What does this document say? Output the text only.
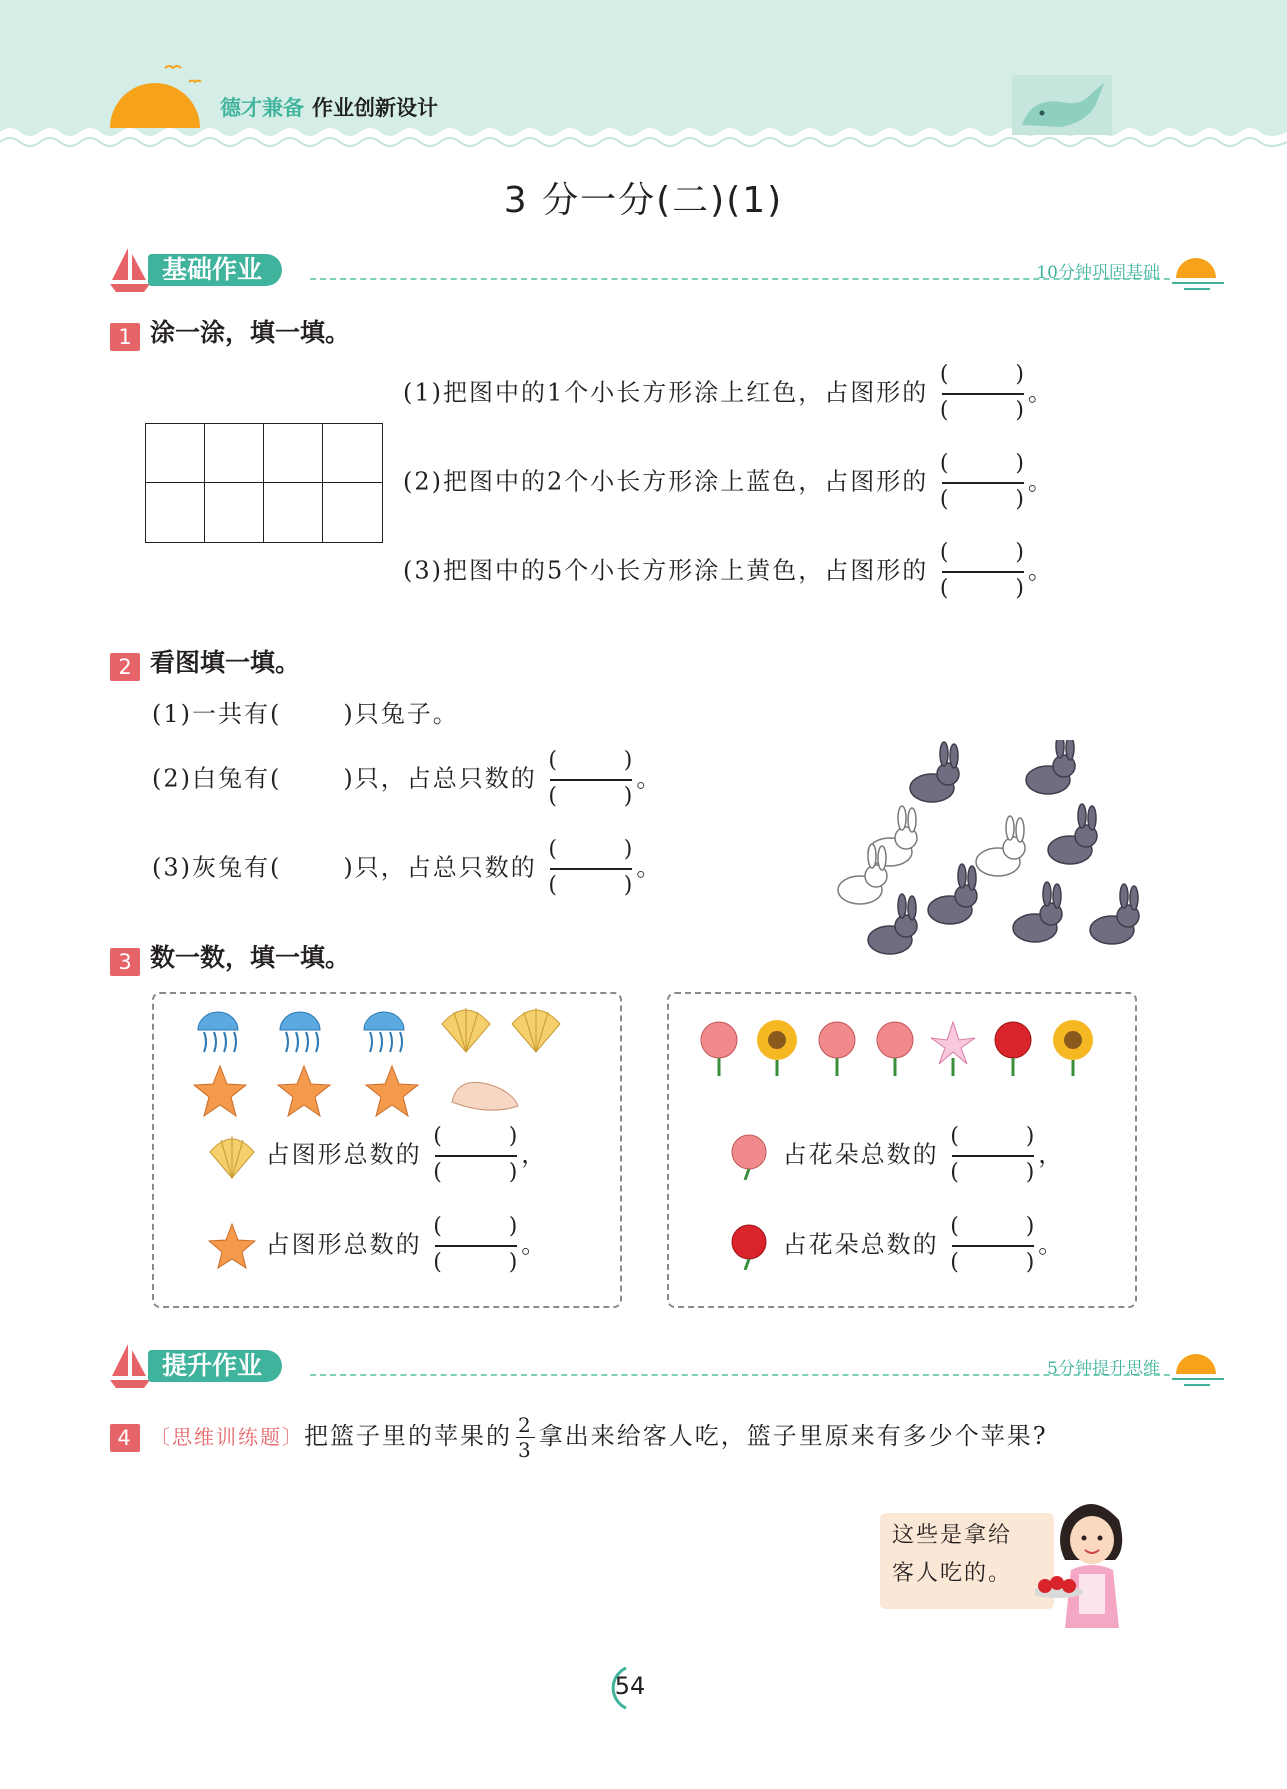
德才兼备 作业创新设计
3 分一分(二)(1)
基础作业	10分钟巩固基础
1 涂一涂，填一填。
(1)把图中的1个小长方形涂上红色，占图形的
(	)
(	)
。
(2)把图中的2个小长方形涂上蓝色，占图形的
(	)
(	)
。
(3)把图中的5个小长方形涂上黄色，占图形的
(	)
(	)
。
2 看图填一填。
(1)一共有(	)只兔子。
(2)白兔有(	)只，占总只数的
(	)
(	)
。
(3)灰兔有(	)只，占总只数的
(	)
(	)
。
3 数一数，填一填。
占图形总数的
(	)
(	)
，
占图形总数的
(	)
(	)
。
占花朵总数的
(	)
(	)
，
占花朵总数的
(	)
(	)
。
提升作业	5分钟提升思维
4 〔思维训练题〕把篮子里的苹果的 $\frac{2}{3}$ 拿出来给客人吃，篮子里原来有多少个苹果?
这些是拿给
客人吃的。
54
